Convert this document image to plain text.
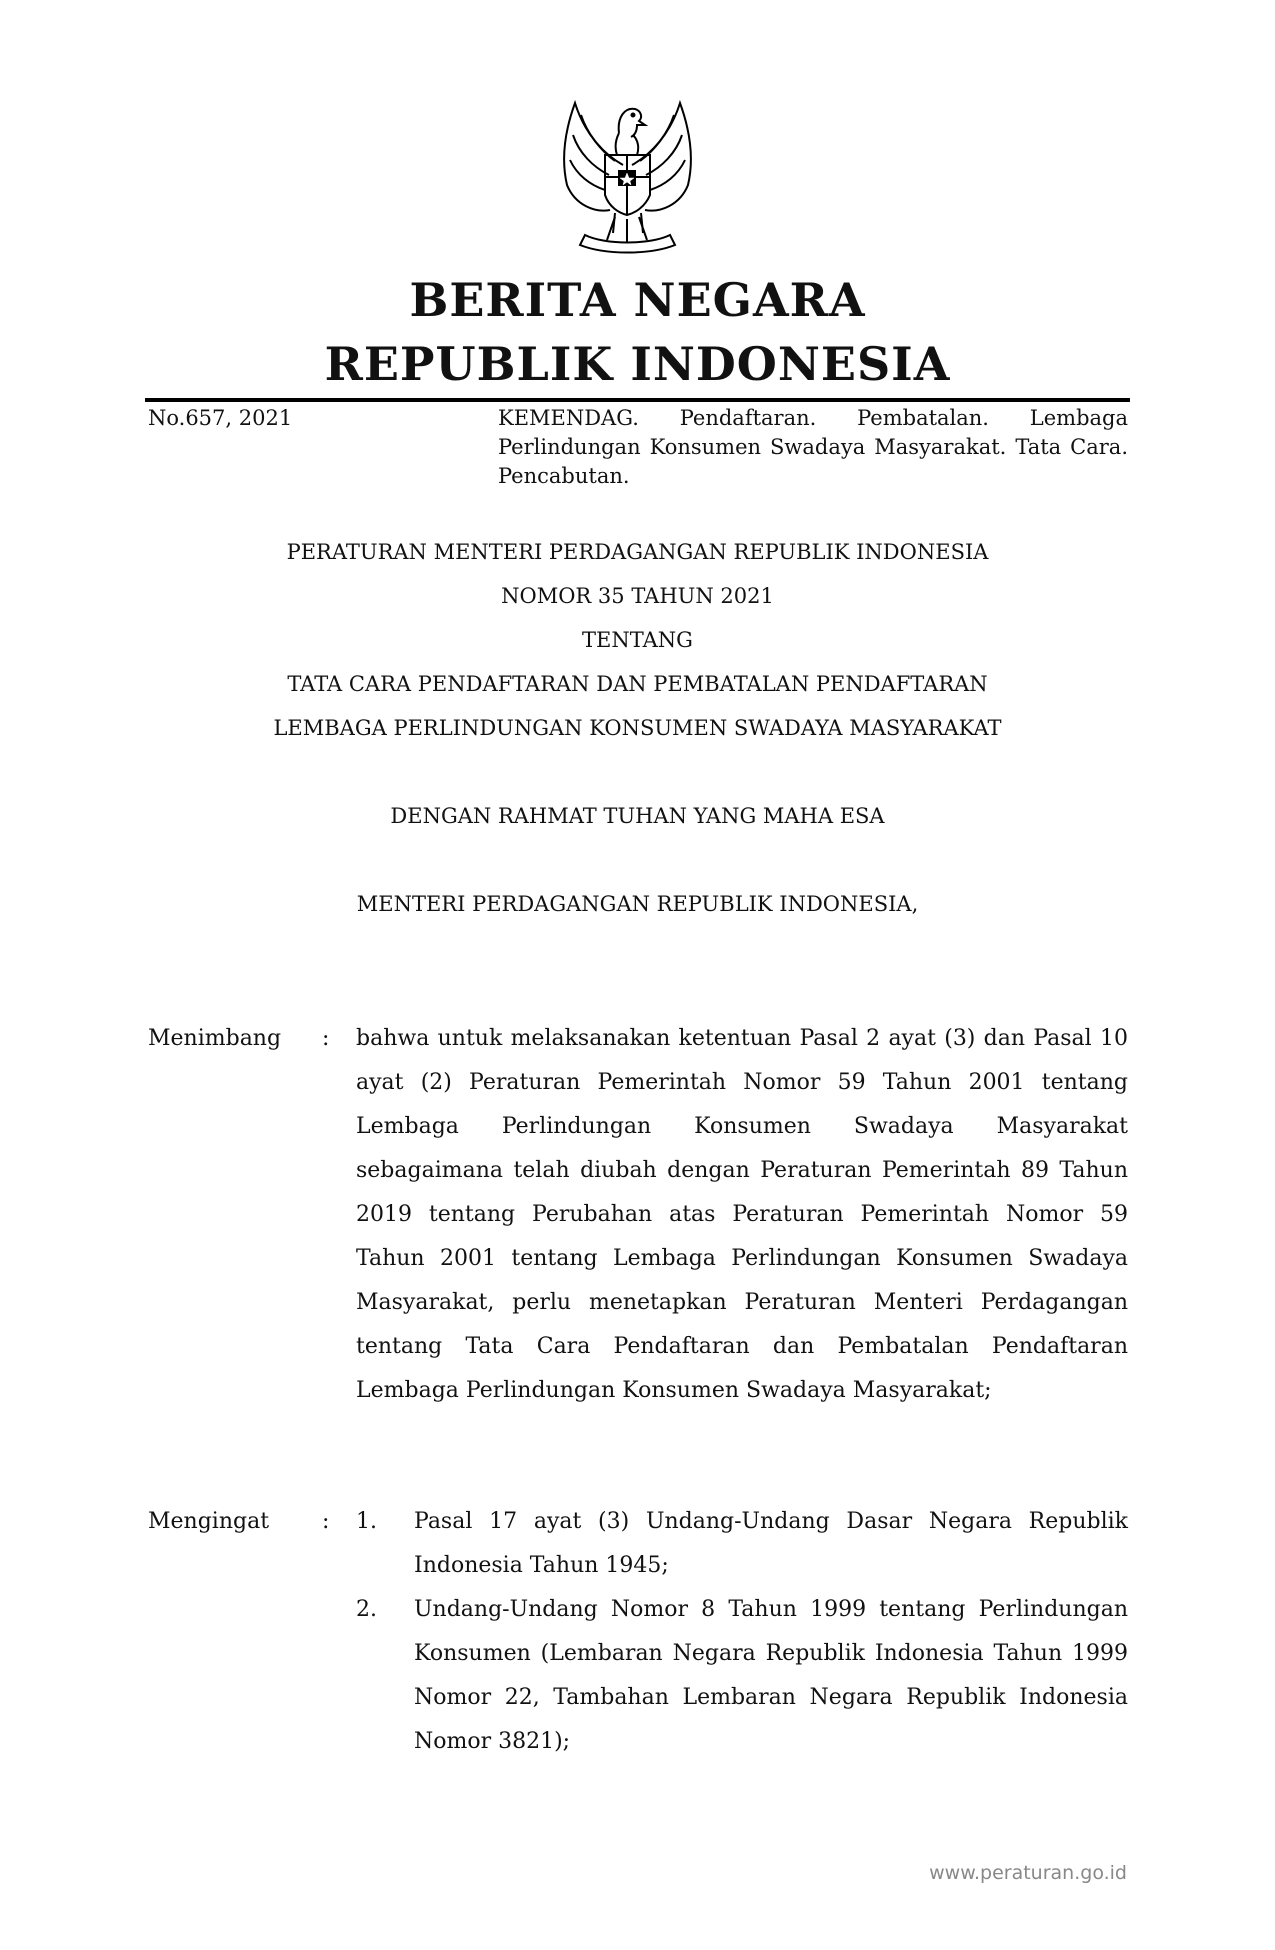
BERITA NEGARA
REPUBLIK INDONESIA
No.657, 2021	KEMENDAG. Pendaftaran. Pembatalan. Lembaga Perlindungan Konsumen Swadaya Masyarakat. Tata Cara. Pencabutan.
PERATURAN MENTERI PERDAGANGAN REPUBLIK INDONESIA
NOMOR 35 TAHUN 2021
TENTANG
TATA CARA PENDAFTARAN DAN PEMBATALAN PENDAFTARAN
LEMBAGA PERLINDUNGAN KONSUMEN SWADAYA MASYARAKAT
DENGAN RAHMAT TUHAN YANG MAHA ESA
MENTERI PERDAGANGAN REPUBLIK INDONESIA,
Menimbang : bahwa untuk melaksanakan ketentuan Pasal 2 ayat (3) dan Pasal 10 ayat (2) Peraturan Pemerintah Nomor 59 Tahun 2001 tentang Lembaga Perlindungan Konsumen Swadaya Masyarakat sebagaimana telah diubah dengan Peraturan Pemerintah 89 Tahun 2019 tentang Perubahan atas Peraturan Pemerintah Nomor 59 Tahun 2001 tentang Lembaga Perlindungan Konsumen Swadaya Masyarakat, perlu menetapkan Peraturan Menteri Perdagangan tentang Tata Cara Pendaftaran dan Pembatalan Pendaftaran Lembaga Perlindungan Konsumen Swadaya Masyarakat;
Mengingat : 1. Pasal 17 ayat (3) Undang-Undang Dasar Negara Republik Indonesia Tahun 1945;
2. Undang-Undang Nomor 8 Tahun 1999 tentang Perlindungan Konsumen (Lembaran Negara Republik Indonesia Tahun 1999 Nomor 22, Tambahan Lembaran Negara Republik Indonesia Nomor 3821);
www.peraturan.go.id
